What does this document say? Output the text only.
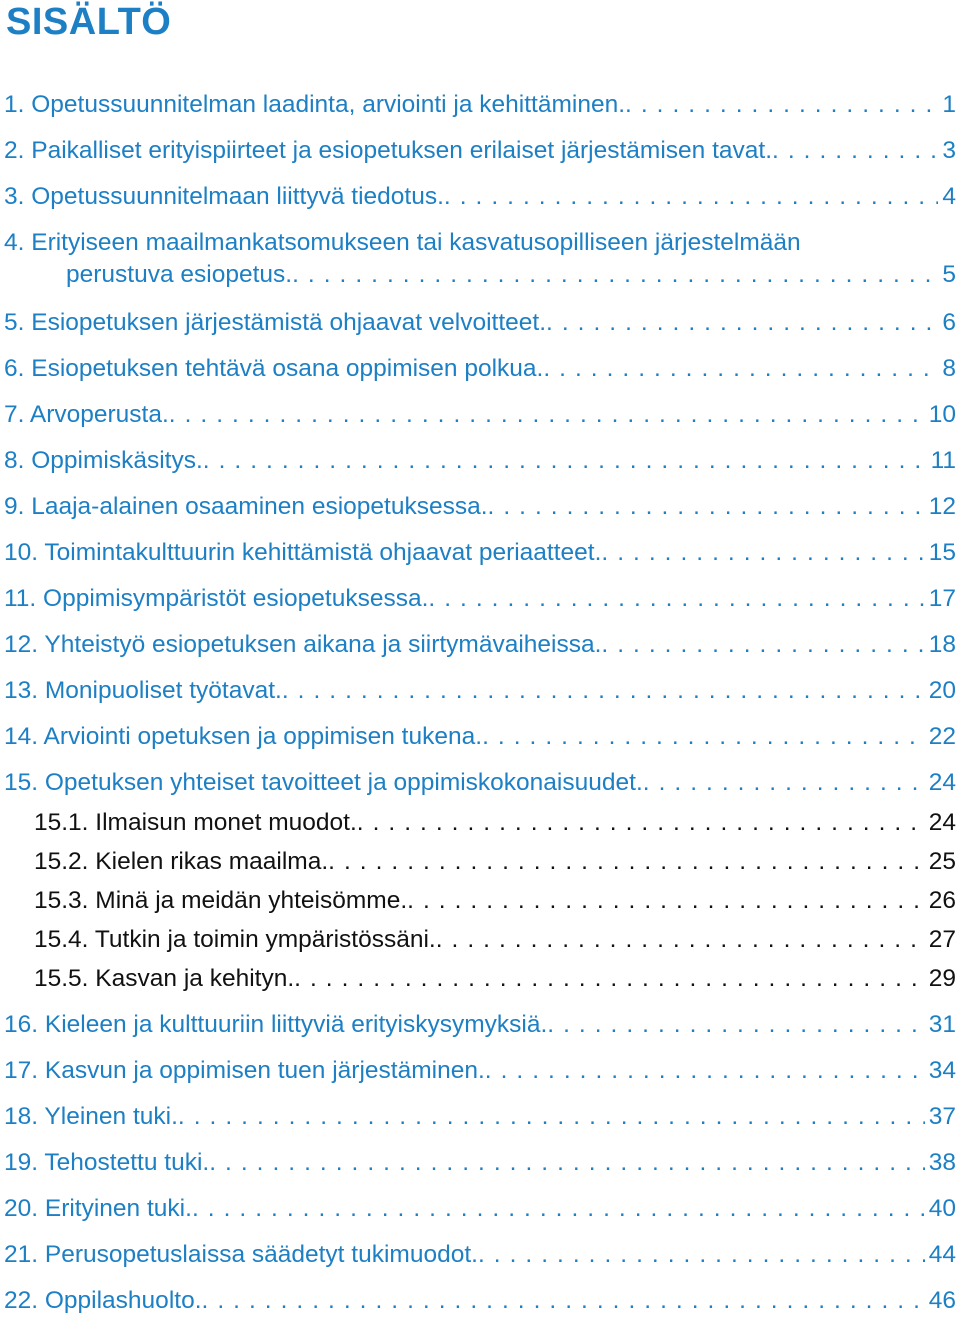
SISÄLTÖ
1. Opetussuunnitelman laadinta, arviointi ja kehittäminen. . . .	1
2. Paikalliset erityispiirteet ja esiopetuksen erilaiset järjestämisen tavat. . . .	3
3. Opetussuunnitelmaan liittyvä tiedotus. . . .	4
4. Erityiseen maailmankatsomukseen tai kasvatusopilliseen järjestelmään
perustuva esiopetus. . . .	5
5. Esiopetuksen järjestämistä ohjaavat velvoitteet. . . .	6
6. Esiopetuksen tehtävä osana oppimisen polkua. . . .	8
7. Arvoperusta. . . .	10
8. Oppimiskäsitys. . . .	11
9. Laaja-alainen osaaminen esiopetuksessa. . . .	12
10. Toimintakulttuurin kehittämistä ohjaavat periaatteet. . . .	15
11. Oppimisympäristöt esiopetuksessa. . . .	17
12. Yhteistyö esiopetuksen aikana ja siirtymävaiheissa. . . .	18
13. Monipuoliset työtavat. . . .	20
14. Arviointi opetuksen ja oppimisen tukena. . . .	22
15. Opetuksen yhteiset tavoitteet ja oppimiskokonaisuudet. . . .	24
15.1. Ilmaisun monet muodot. . . .	24
15.2. Kielen rikas maailma. . . .	25
15.3. Minä ja meidän yhteisömme. . . .	26
15.4. Tutkin ja toimin ympäristössäni. . . .	27
15.5. Kasvan ja kehityn. . . .	29
16. Kieleen ja kulttuuriin liittyviä erityiskysymyksiä. . . .	31
17. Kasvun ja oppimisen tuen järjestäminen. . . .	34
18. Yleinen tuki. . . .	37
19. Tehostettu tuki. . . .	38
20. Erityinen tuki. . . .	40
21. Perusopetuslaissa säädetyt tukimuodot. . . .	44
22. Oppilashuolto. . . .	46
